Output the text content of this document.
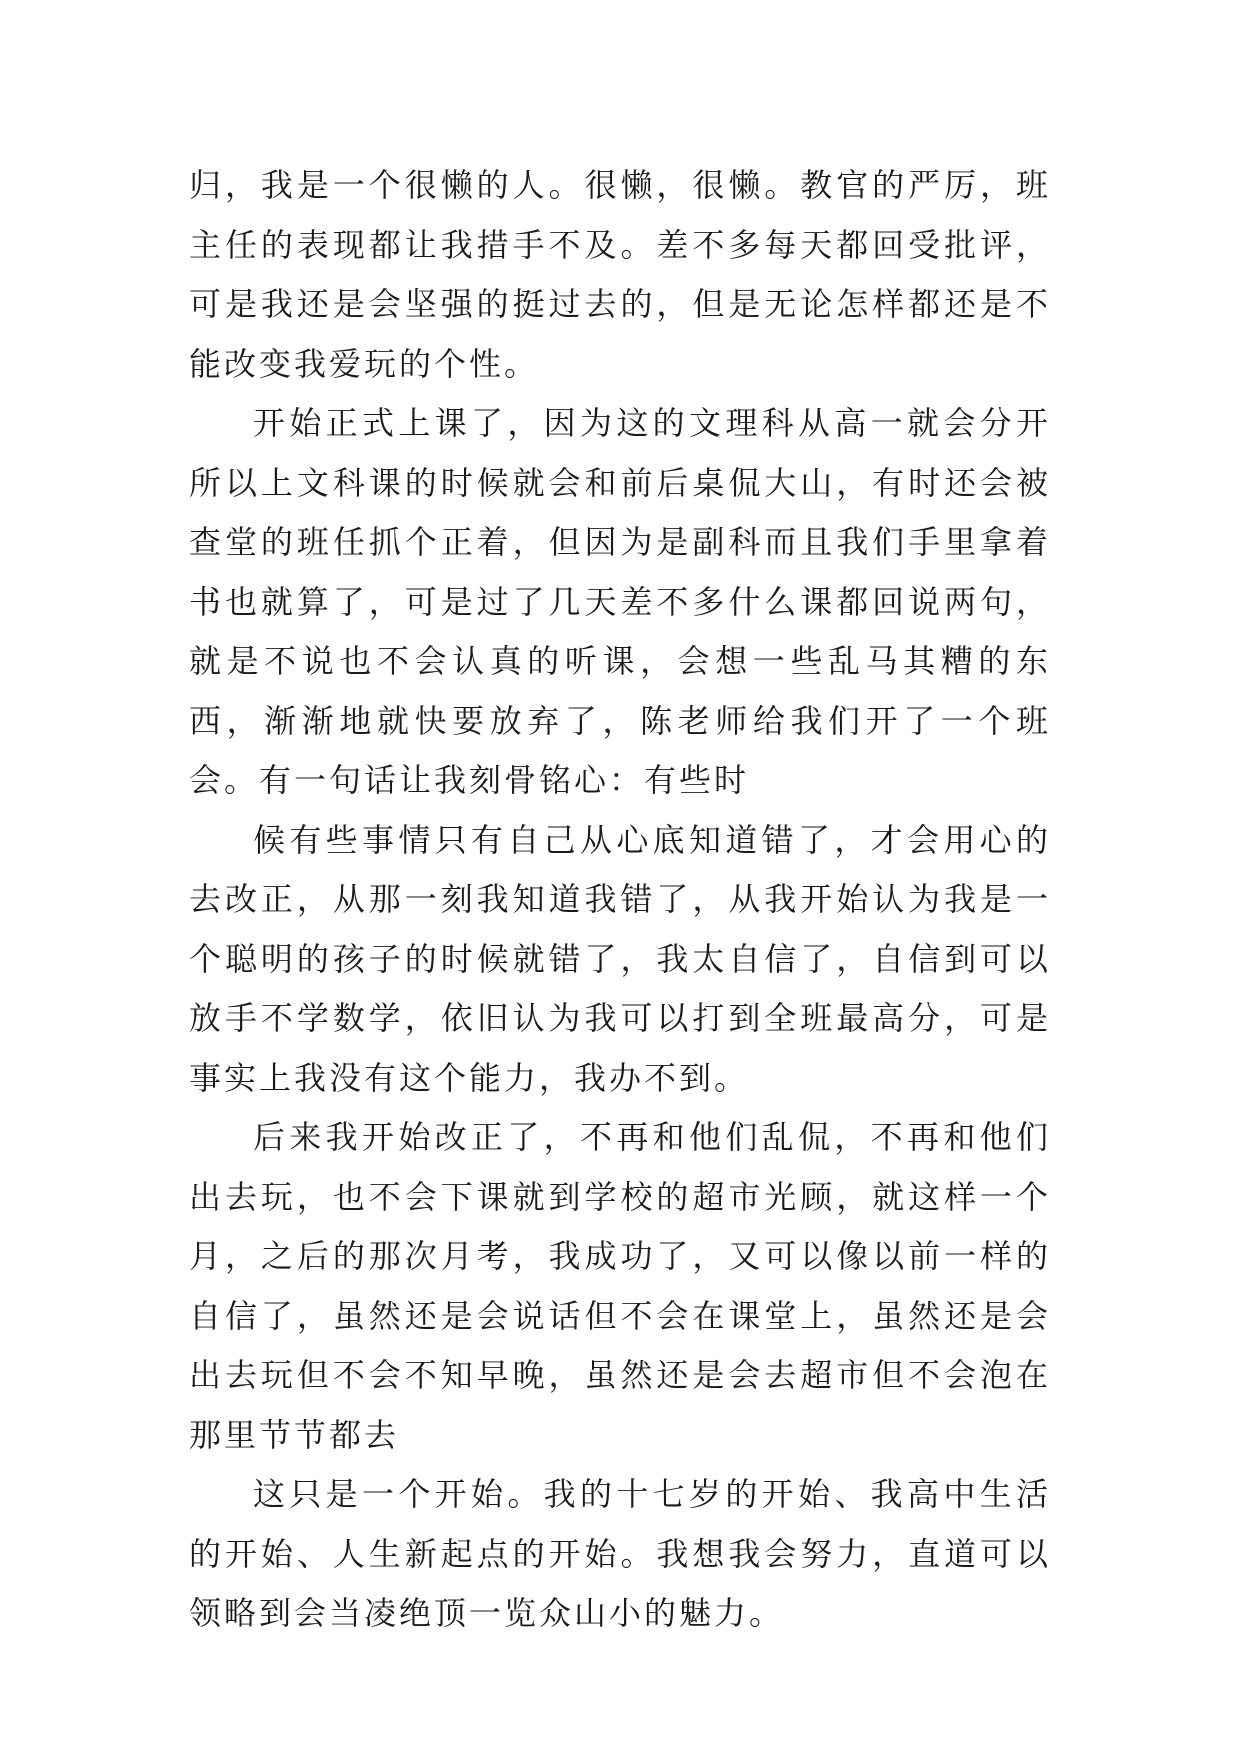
归，我是一个很懒的人。很懒，很懒。教官的严厉，班主任的表现都让我措手不及。差不多每天都回受批评，可是我还是会坚强的挺过去的，但是无论怎样都还是不能改变我爱玩的个性。

开始正式上课了，因为这的文理科从高一就会分开所以上文科课的时候就会和前后桌侃大山，有时还会被查堂的班任抓个正着，但因为是副科而且我们手里拿着书也就算了，可是过了几天差不多什么课都回说两句，就是不说也不会认真的听课，会想一些乱马其糟的东西，渐渐地就快要放弃了，陈老师给我们开了一个班会。有一句话让我刻骨铭心：有些时

候有些事情只有自己从心底知道错了，才会用心的去改正，从那一刻我知道我错了，从我开始认为我是一个聪明的孩子的时候就错了，我太自信了，自信到可以放手不学数学，依旧认为我可以打到全班最高分，可是事实上我没有这个能力，我办不到。

后来我开始改正了，不再和他们乱侃，不再和他们出去玩，也不会下课就到学校的超市光顾，就这样一个月，之后的那次月考，我成功了，又可以像以前一样的自信了，虽然还是会说话但不会在课堂上，虽然还是会出去玩但不会不知早晚，虽然还是会去超市但不会泡在那里节节都去

这只是一个开始。我的十七岁的开始、我高中生活的开始、人生新起点的开始。我想我会努力，直道可以领略到会当凌绝顶一览众山小的魅力。
